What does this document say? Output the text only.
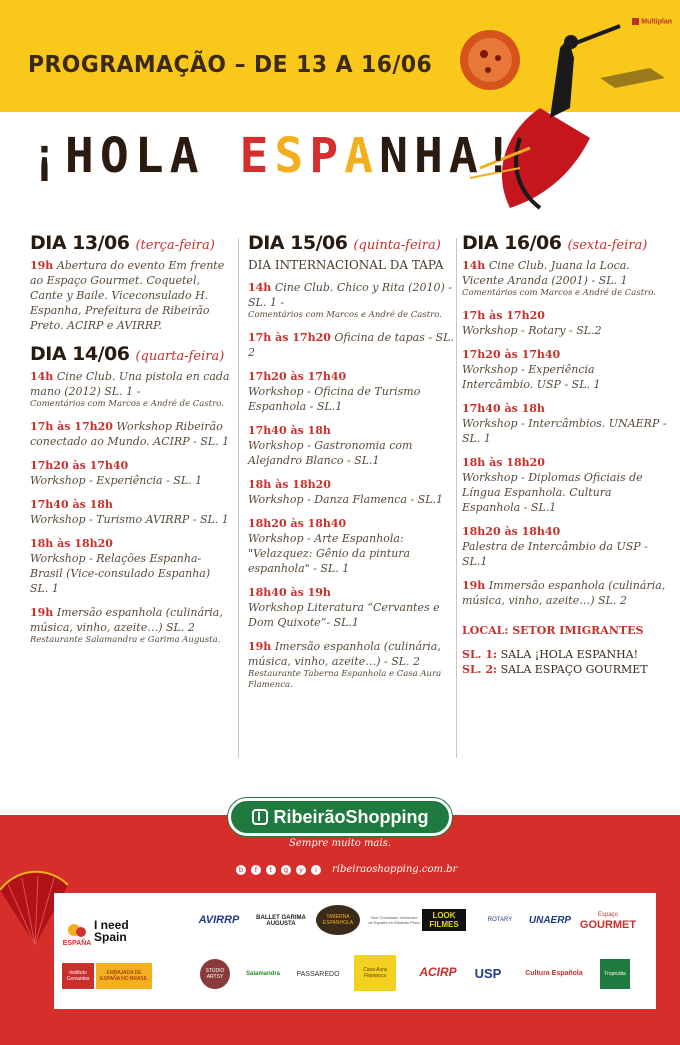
Multiplan
PROGRAMAÇÃO – DE 13 A 16/06
¡HOLA ESPANHA!
DIA 13/06 (terça-feira)
19h Abertura do evento Em frente ao Espaço Gourmet. Coquetel, Cante y Baile. Viceconsulado H. Espanha, Prefeitura de Ribeirão Preto. ACIRP e AVIRRP.
DIA 14/06 (quarta-feira)
14h Cine Club. Una pistola en cada mano (2012) SL. 1 -
Comentários com Marcos e André de Castro.
17h às 17h20 Workshop Ribeirão conectado ao Mundo. ACIRP - SL. 1
17h20 às 17h40
Workshop - Experiência - SL. 1
17h40 às 18h
Workshop - Turismo AVIRRP - SL. 1
18h às 18h20
Workshop - Relações Espanha-Brasil (Vice-consulado Espanha) SL. 1
19h Imersão espanhola (culinária, música, vinho, azeite…) SL. 2
Restaurante Salamandra e Garima Augusta.
DIA 15/06 (quinta-feira)
DIA INTERNACIONAL DA TAPA
14h Cine Club. Chico y Rita (2010) - SL. 1 -
Comentários com Marcos e André de Castro.
17h às 17h20 Oficina de tapas - SL. 2
17h20 às 17h40
Workshop - Oficina de Turismo Espanhola - SL.1
17h40 às 18h
Workshop - Gastronomia com Alejandro Blanco - SL.1
18h às 18h20
Workshop - Danza Flamenca - SL.1
18h20 às 18h40
Workshop - Arte Espanhola: "Velazquez: Gênio da pintura espanhola" - SL. 1
18h40 às 19h
Workshop Literatura “Cervantes e Dom Quixote”- SL.1
19h Imersão espanhola (culinária, música, vinho, azeite…) - SL. 2
Restaurante Taberna Espanhola e Casa Aura Flamenca.
DIA 16/06 (sexta-feira)
14h Cine Club. Juana la Loca. Vicente Aranda (2001) - SL. 1
Comentários com Marcos e André de Castro.
17h às 17h20
Workshop - Rotary - SL.2
17h20 às 17h40
Workshop - Experiência Intercâmbio. USP - SL. 1
17h40 às 18h
Workshop - Intercâmbios. UNAERP - SL. 1
18h às 18h20
Workshop - Diplomas Oficiais de Língua Espanhola. Cultura Espanhola - SL.1
18h20 às 18h40
Palestra de Intercâmbio da USP - SL.1
19h Immersão espanhola (culinária, música, vinho, azeite…) SL. 2
LOCAL: SETOR IMIGRANTES
SL. 1: SALA ¡HOLA ESPANHA!
SL. 2: SALA ESPAÇO GOURMET
RibeirãoShopping
Sempre muito mais.
b	f	t	g	y	i	ribeiraoshopping.com.br
ESPAÑA
I need
Spain
Instituto Cervantes
EMBAJADA DE ESPAÑA NO BRASIL
AVIRRP	BALLET GARIMA AUGUSTA
TABERNA ESPANHOLA
Vice Consulado Honorario de España en Ribeirão Preto
LOOK FILMES	ROTARY	UNAERP	Espaço
GOURMET
STUDIO ARTSY	Salamandra	PASSAREDO
Casa Aura Flamenca	ACIRP	USP	Cultura Española	Tropicália
